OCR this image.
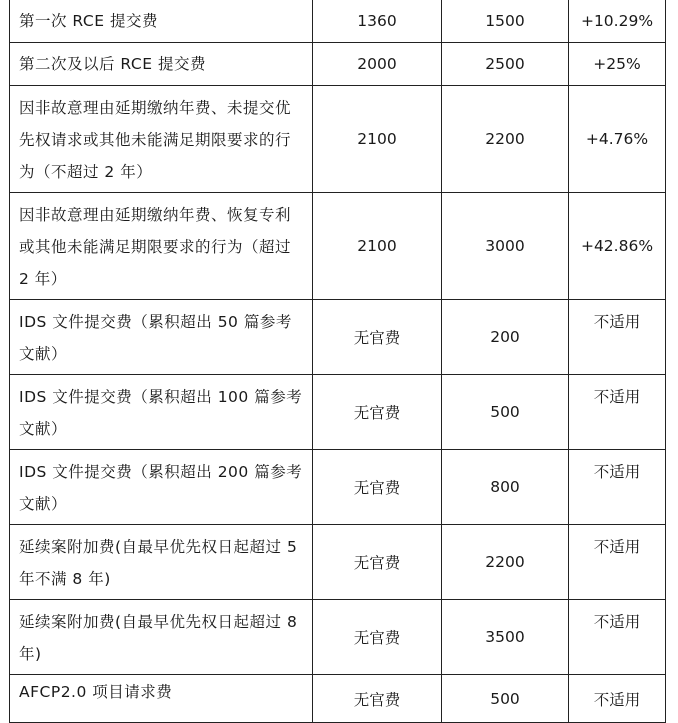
第一次 RCE 提交费	1360	1500	+10.29%
第二次及以后 RCE 提交费	2000	2500	+25%
因非故意理由延期缴纳年费、未提交优先权请求或其他未能满足期限要求的行为（不超过 2 年）	2100	2200	+4.76%
因非故意理由延期缴纳年费、恢复专利或其他未能满足期限要求的行为（超过 2 年）	2100	3000	+42.86%
IDS 文件提交费（累积超出 50 篇参考文献）	无官费	200	不适用
IDS 文件提交费（累积超出 100 篇参考文献）	无官费	500	不适用
IDS 文件提交费（累积超出 200 篇参考文献）	无官费	800	不适用
延续案附加费(自最早优先权日起超过 5 年不满 8 年)	无官费	2200	不适用
延续案附加费(自最早优先权日起超过 8 年)	无官费	3500	不适用
AFCP2.0 项目请求费	无官费	500	不适用
